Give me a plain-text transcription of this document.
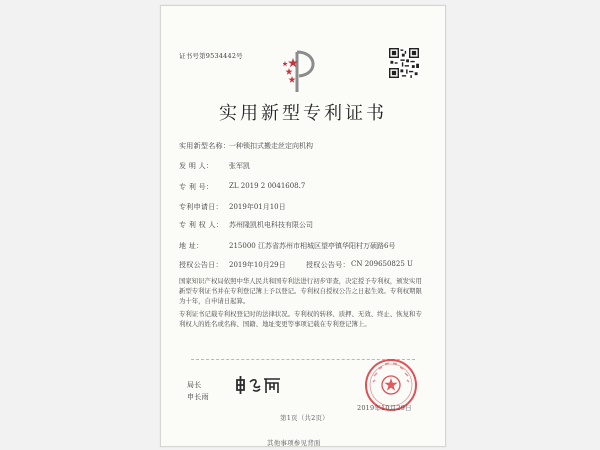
证书号第9534442号
实用新型专利证书
实用新型名称：
一种锁扣式搬走丝定向机构
发 明 人： 张军凯
专 利 号： ZL 2019 2 0041608.7
专利申请日： 2019年01月10日
专 利 权 人： 苏州隆凯机电科技有限公司
地 址：	215000 江苏省苏州市相城区望亭镇华阳村万硕路6号
授权公告日： 2019年10月29日	授权公告号： CN 209650825 U
国家知识产权局依照中华人民共和国专利法进行初步审查，决定授予专利权，颁发实用新型专利证书并在专利登记簿上予以登记。专利权自授权公告之日起生效。专利权期限为十年，自申请日起算。
专利证书记载专利权登记时的法律状况。专利权的转移、质押、无效、终止、恢复和专利权人的姓名或名称、国籍、地址变更等事项记载在专利登记簿上。
局长
申长雨
2019年10月29日
第1页（共2页）
其他事项参见背面
